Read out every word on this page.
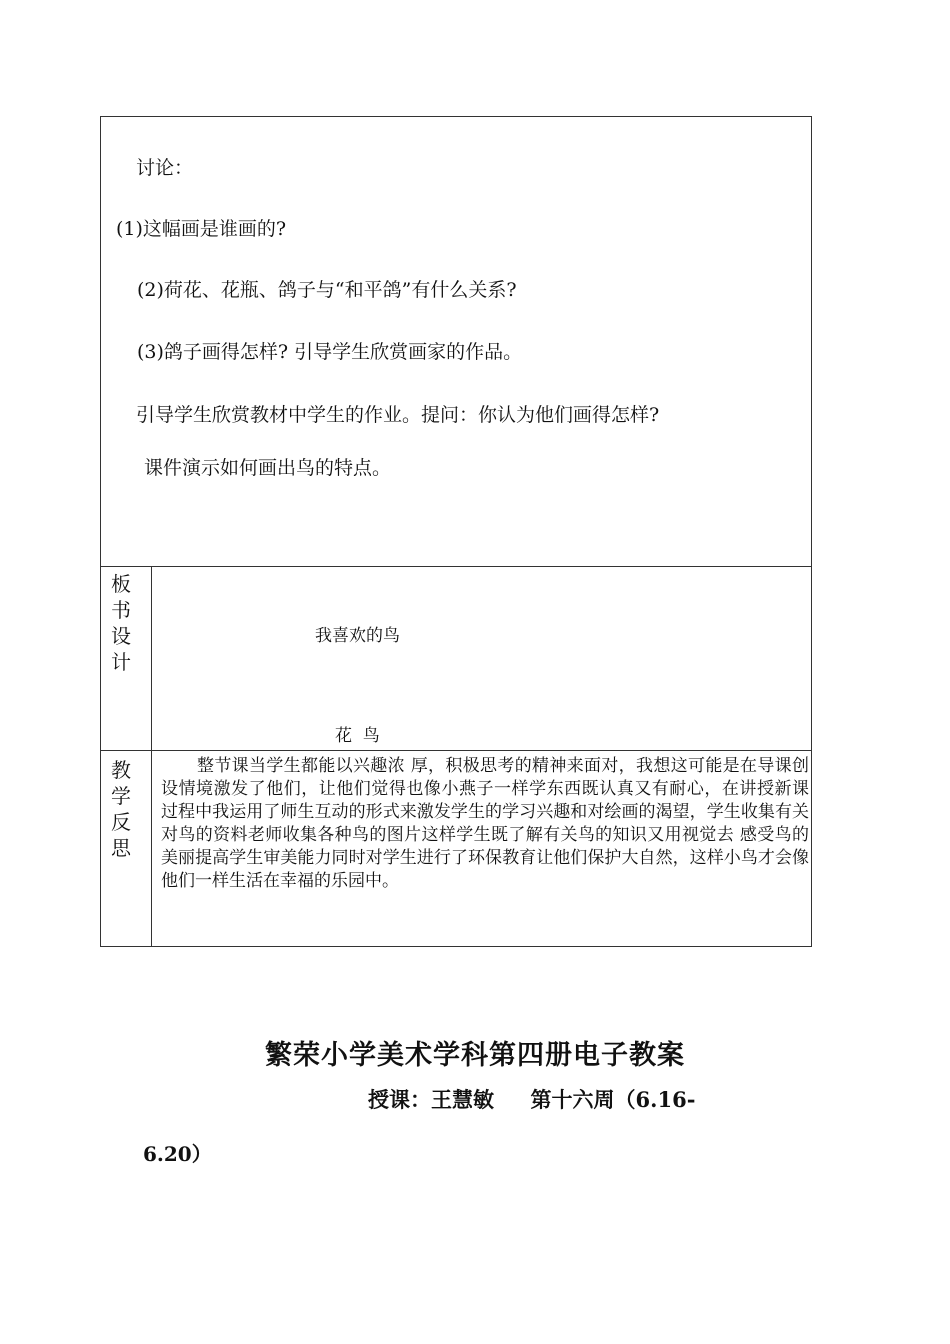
讨论：
(1)这幅画是谁画的?
(2)荷花、花瓶、鸽子与“和平鸽”有什么关系?
(3)鸽子画得怎样? 引导学生欣赏画家的作品。
引导学生欣赏教材中学生的作业。提问：你认为他们画得怎样?
课件演示如何画出鸟的特点。
板书设计
我喜欢的鸟
花  鸟
教学反思
整节课当学生都能以兴趣浓 厚，积极思考的精神来面对，我想这可能是在导课创设情境激发了他们，让他们觉得也像小燕子一样学东西既认真又有耐心，在讲授新课 过程中我运用了师生互动的形式来激发学生的学习兴趣和对绘画的渴望，学生收集有关对鸟的资料老师收集各种鸟的图片这样学生既了解有关鸟的知识又用视觉去 感受鸟的美丽提高学生审美能力同时对学生进行了环保教育让他们保护大自然，这样小鸟才会像他们一样生活在幸福的乐园中。
繁荣小学美术学科第四册电子教案
授课：王慧敏     第十六周（6.16-
6.20）
